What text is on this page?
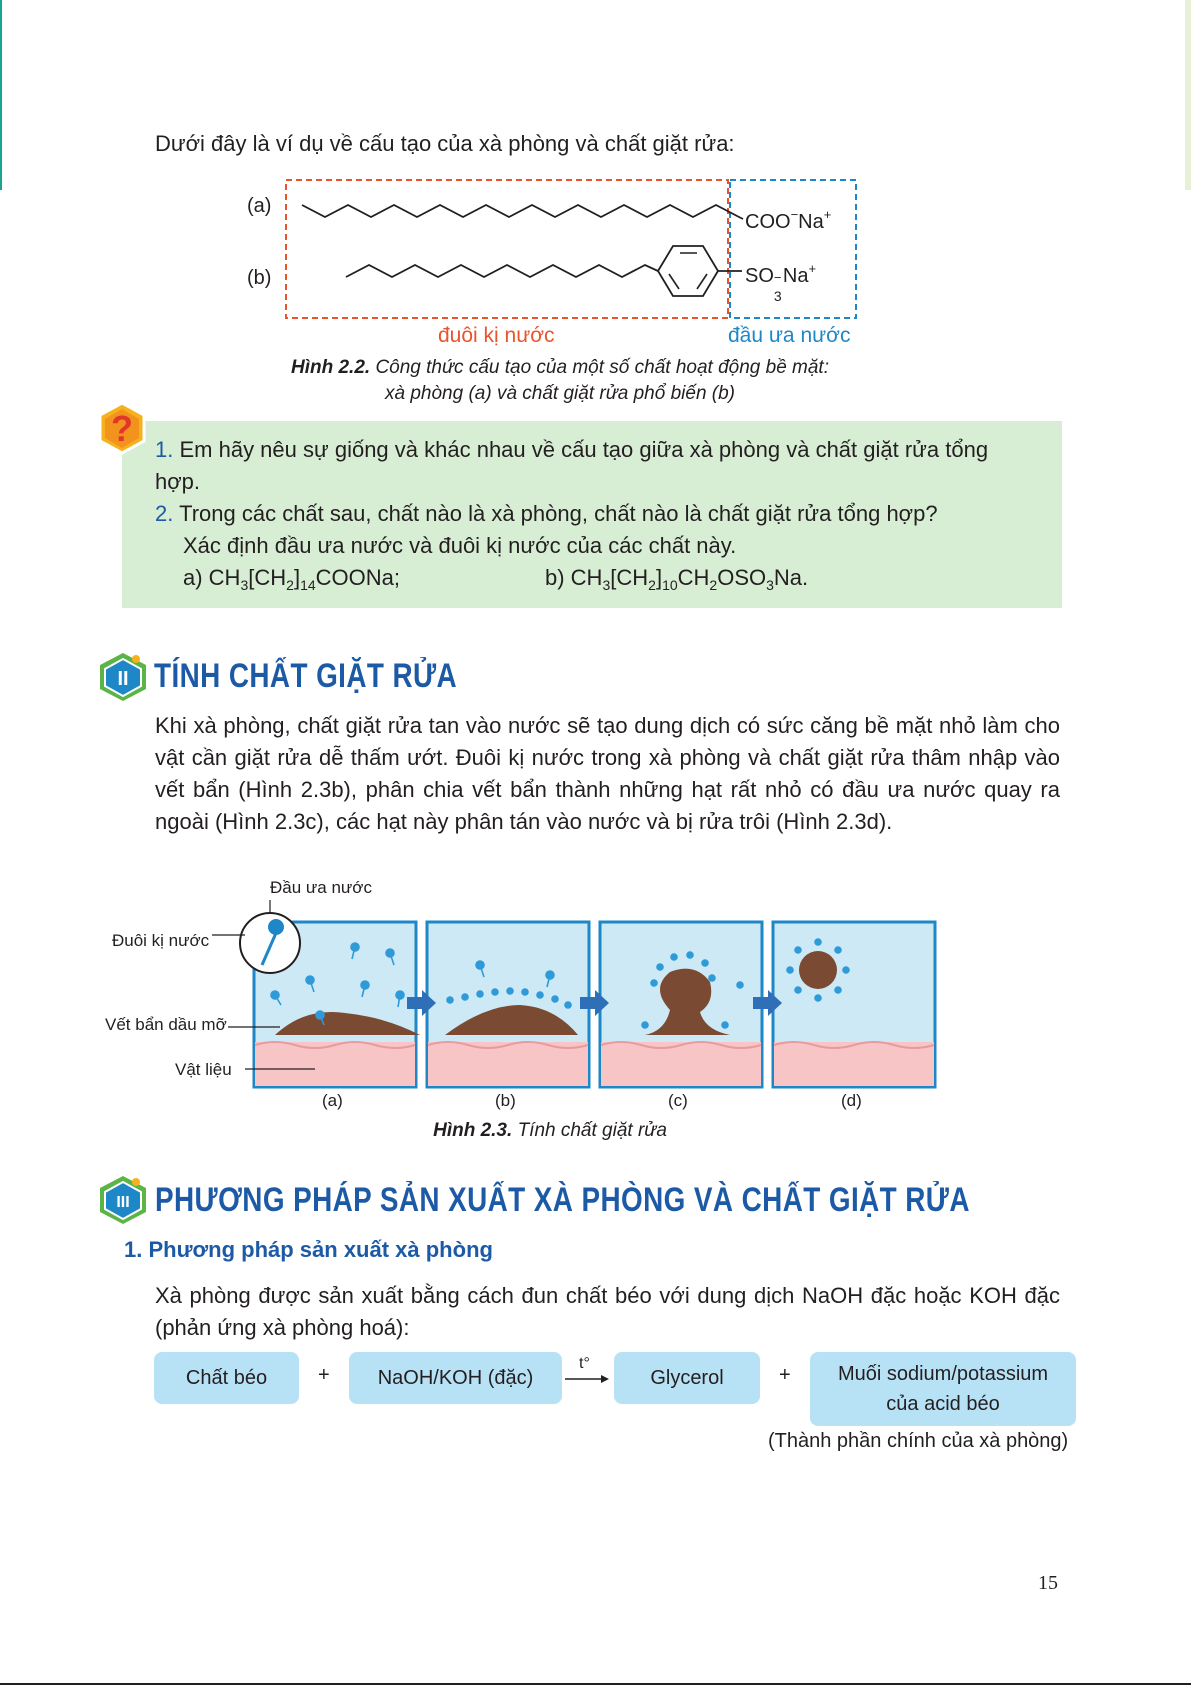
Dưới đây là ví dụ về cấu tạo của xà phòng và chất giặt rửa:
(a)
(b)
COO−Na+
SO −
3
Na+
đuôi kị nước	đầu ưa nước
Hình 2.2. Công thức cấu tạo của một số chất hoạt động bề mặt:
xà phòng (a) và chất giặt rửa phổ biến (b)
?
1. Em hãy nêu sự giống và khác nhau về cấu tạo giữa xà phòng và chất giặt rửa tổng hợp.
2. Trong các chất sau, chất nào là xà phòng, chất nào là chất giặt rửa tổng hợp?
Xác định đầu ưa nước và đuôi kị nước của các chất này.
a) $CH_3[CH_2]_{14}COONa$;	b) $CH_3[CH_2]_{10}CH_2OSO_3Na$.
II TÍNH CHẤT GIẶT RỬA
Khi xà phòng, chất giặt rửa tan vào nước sẽ tạo dung dịch có sức căng bề mặt nhỏ làm cho vật cần giặt rửa dễ thấm ướt. Đuôi kị nước trong xà phòng và chất giặt rửa thâm nhập vào vết bẩn (Hình 2.3b), phân chia vết bẩn thành những hạt rất nhỏ có đầu ưa nước quay ra ngoài (Hình 2.3c), các hạt này phân tán vào nước và bị rửa trôi (Hình 2.3d).
Đầu ưa nước
Đuôi kị nước
Vết bẩn dầu mỡ
Vật liệu
(a)	(b)	(c)	(d)
Hình 2.3. Tính chất giặt rửa
III PHƯƠNG PHÁP SẢN XUẤT XÀ PHÒNG VÀ CHẤT GIẶT RỬA
1. Phương pháp sản xuất xà phòng
Xà phòng được sản xuất bằng cách đun chất béo với dung dịch NaOH đặc hoặc KOH đặc (phản ứng xà phòng hoá):
Chất béo	+	NaOH/KOH (đặc)
t°
Glycerol	+ Muối sodium/potassium
của acid béo
(Thành phần chính của xà phòng)
15
